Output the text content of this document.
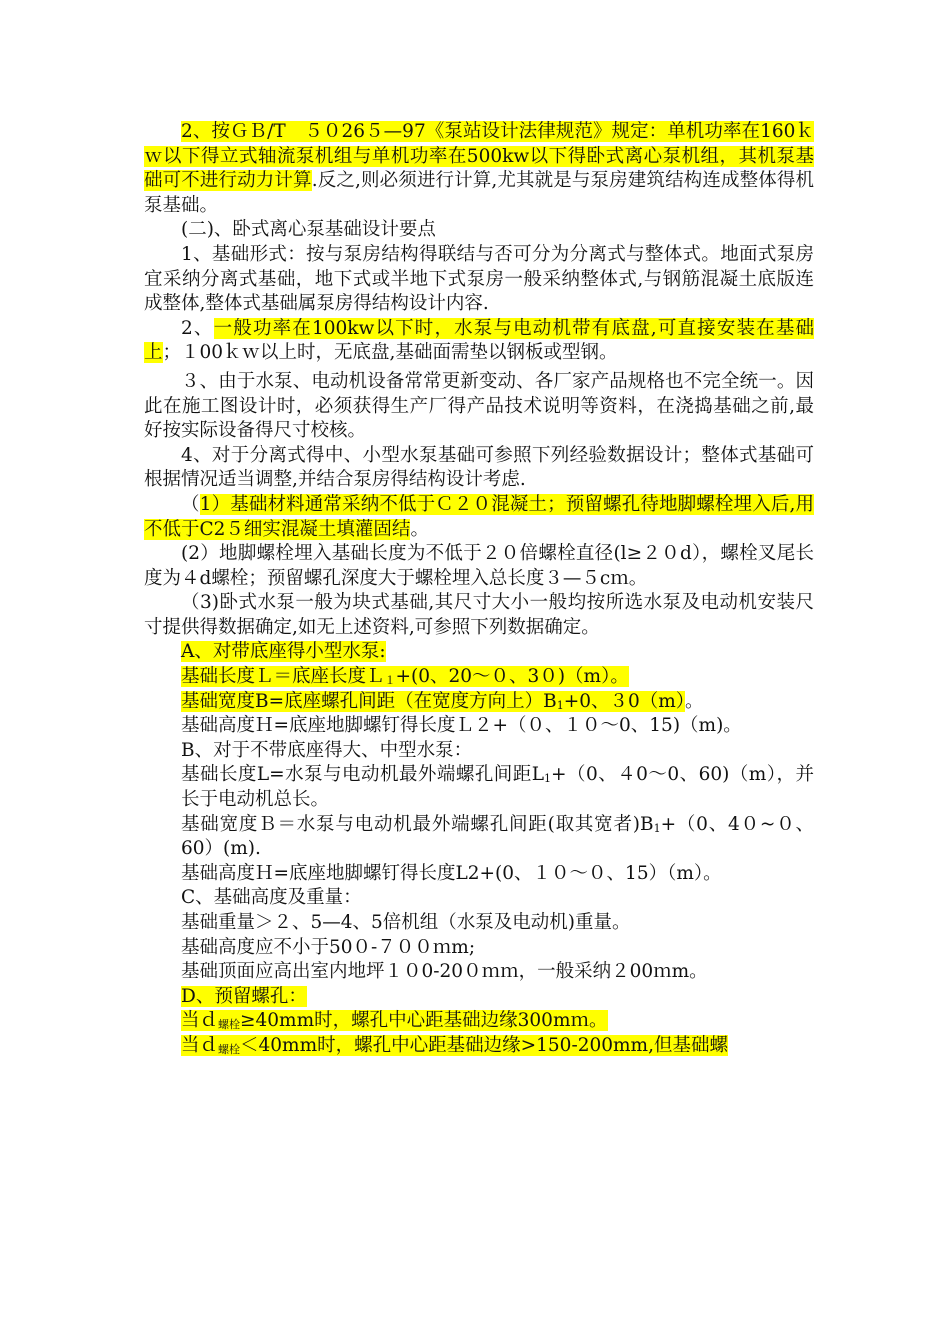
2、按ＧＢ/T　５０26５—97《泵站设计法律规范》规定：单机功率在160ｋｗ以下得立式轴流泵机组与单机功率在500kw以下得卧式离心泵机组，其机泵基础可不进行动力计算.反之,则必须进行计算,尤其就是与泵房建筑结构连成整体得机泵基础。

(二)、卧式离心泵基础设计要点

1、基础形式：按与泵房结构得联结与否可分为分离式与整体式。地面式泵房宜采纳分离式基础，地下式或半地下式泵房一般采纳整体式,与钢筋混凝土底版连成整体,整体式基础属泵房得结构设计内容.

2、一般功率在100kw以下时，水泵与电动机带有底盘,可直接安装在基础上；１00ｋｗ以上时，无底盘,基础面需垫以钢板或型钢。

３、由于水泵、电动机设备常常更新变动、各厂家产品规格也不完全统一。因此在施工图设计时，必须获得生产厂得产品技术说明等资料，在浇捣基础之前,最好按实际设备得尺寸校核。

4、对于分离式得中、小型水泵基础可参照下列经验数据设计；整体式基础可根据情况适当调整,并结合泵房得结构设计考虑.

（1）基础材料通常采纳不低于Ｃ２０混凝土；预留螺孔待地脚螺栓埋入后,用不低于C2５细实混凝土填灌固结。

(2）地脚螺栓埋入基础长度为不低于２０倍螺栓直径(l≥２０d），螺栓叉尾长度为４d螺栓；预留螺孔深度大于螺栓埋入总长度３—５cｍ。

（3)卧式水泵一般为块式基础,其尺寸大小一般均按所选水泵及电动机安装尺寸提供得数据确定,如无上述资料,可参照下列数据确定。

A、对带底座得小型水泵:

基础长度Ｌ＝底座长度Ｌ$_1$+(0、20～０、3０)（m）。

基础宽度B=底座螺孔间距（在宽度方向上）$B_1+0$、３0（m）。

基础高度Ｈ=底座地脚螺钉得长度Ｌ２+（０、１０～0、15)（m)。

B、对于不带底座得大、中型水泵：

基础长度L=水泵与电动机最外端螺孔间距$L_1+(0$、４0～0、60)（m），并长于电动机总长。

基础宽度Ｂ＝水泵与电动机最外端螺孔间距(取其宽者)$B_1+(0$、4０~０、60）(m).

基础高度Ｈ=底座地脚螺钉得长度L2+(0、１０～０、15）（m）。

C、基础高度及重量：

基础重量＞２、5—4、5倍机组（水泵及电动机)重量。

基础高度应不小于50０-７００ｍm;

基础顶面应高出室内地坪１０0-20０ｍｍ，一般采纳２00ｍm。

D、预留螺孔：

当ｄ$_{螺栓}$≥40mm时，螺孔中心距基础边缘300mｍ。

当ｄ$_{螺栓}$＜40mm时，螺孔中心距基础边缘>150-200mm,但基础螺
